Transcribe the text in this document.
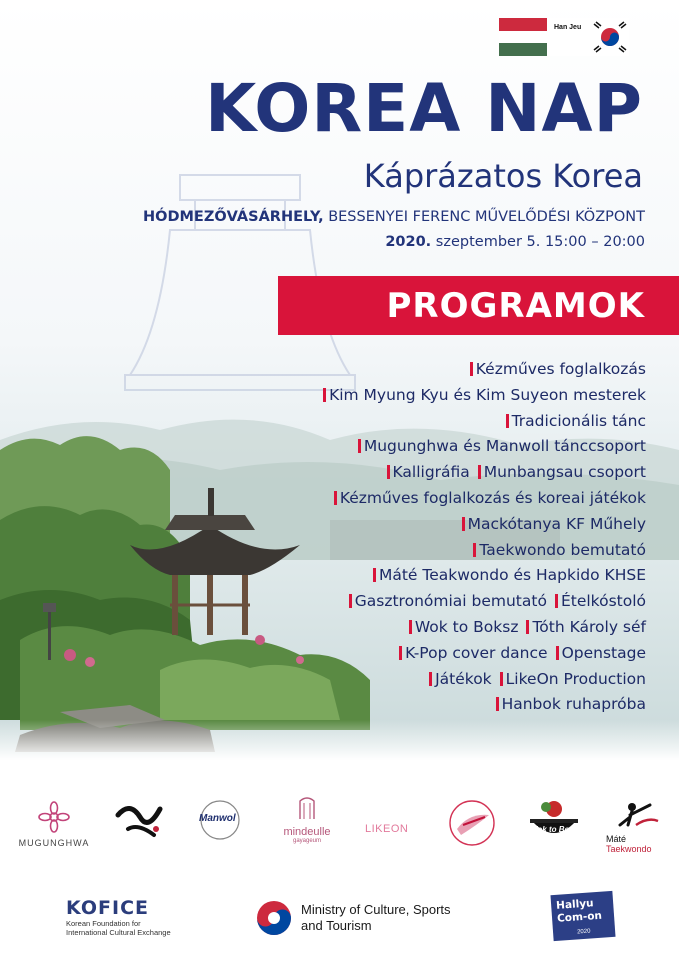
Han Jeu
KOREA NAP
Káprázatos Korea
HÓDMEZŐVÁSÁRHELY, BESSENYEI FERENC MŰVELŐDÉSI KÖZPONT
2020. szeptember 5. 15:00 – 20:00
PROGRAMOK
Kézműves foglalkozás
Kim Myung Kyu és Kim Suyeon mesterek
Tradicionális tánc
Mugunghwa és Manwoll tánccsoport
Kalligráfia Munbangsau csoport
Kézműves foglalkozás és koreai játékok
Mackótanya KF Műhely
Taekwondo bemutató
Máté Teakwondo és Hapkido KHSE
Gasztronómiai bemutató Ételkóstoló
Wok to Boksz Tóth Károly séf
K-Pop cover dance Openstage
Játékok LikeOn Production
Hanbok ruhapróba
MUGUNGHWA
Manwol
mindeulle
gayageum
LIKEON	Wok to Box
Máté Taekwondo
KOFICE
Korean Foundation for
International Cultural Exchange
Ministry of Culture, Sports
and Tourism
Hallyu
Com-on
2020
